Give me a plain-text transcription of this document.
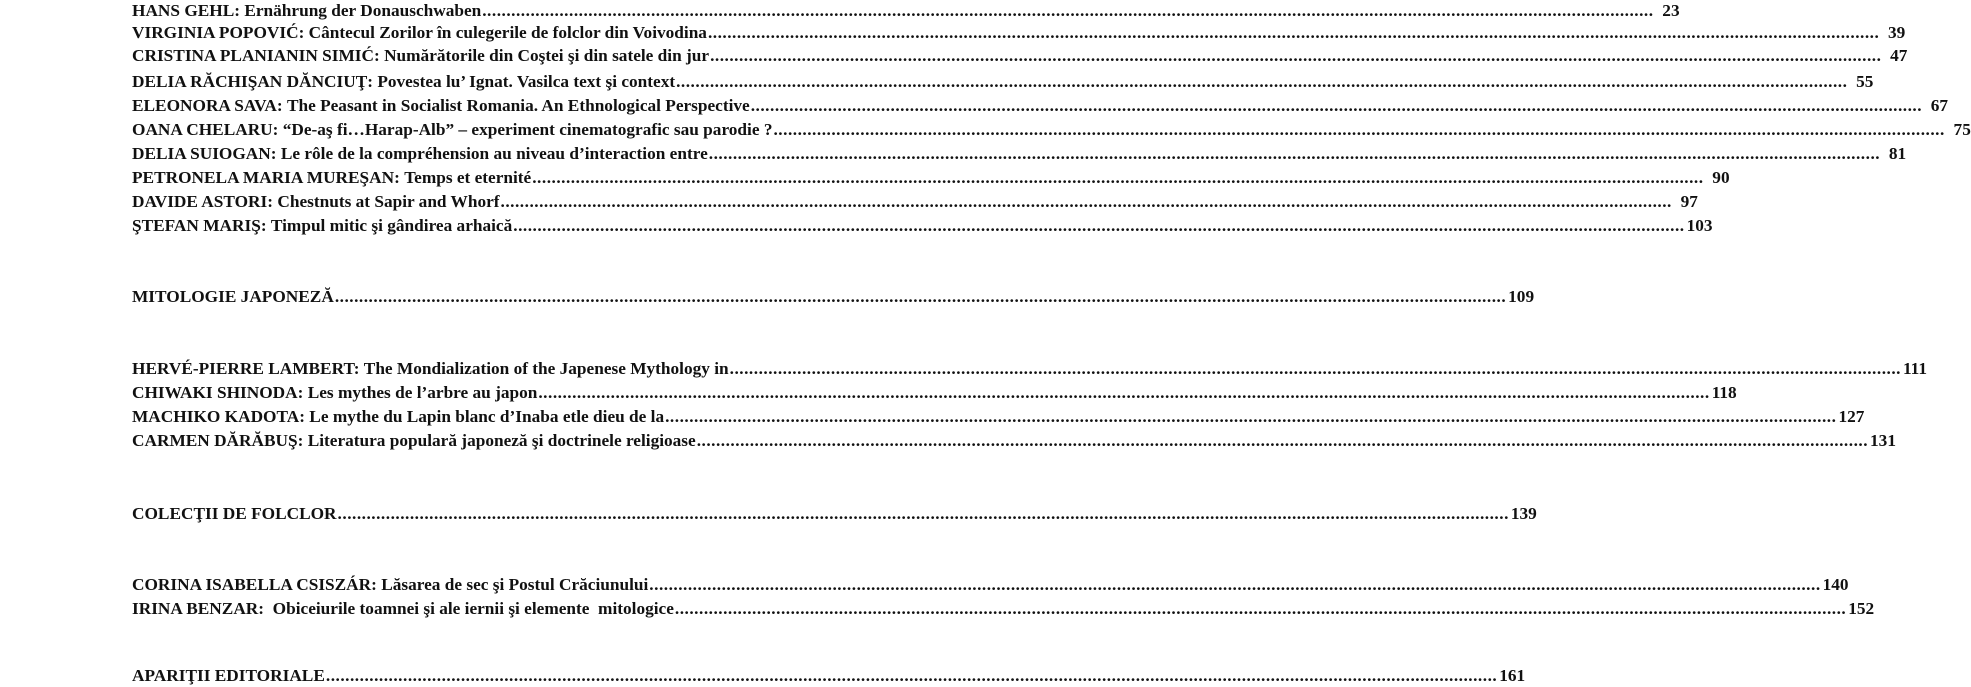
HANS GEHL:
Ernährung der Donauschwaben .....	23
VIRGINIA POPOVIĆ:
Cântecul Zorilor în culegerile de folclor din Voivodina .....	39
CRISTINA PLANIANIN SIMIĆ:
Numărătorile din Coştei şi din satele din jur .....	47
DELIA RĂCHIŞAN DĂNCIUŢ:
Povestea lu’ Ignat. Vasilca text şi context .....	55
ELEONORA SAVA:
The Peasant in Socialist Romania. An Ethnological Perspective .....	67
OANA CHELARU:
“De-aş fi…Harap-Alb” – experiment cinematografic sau parodie ? .....	75
DELIA SUIOGAN:
Le rôle de la compréhension au niveau d’interaction entre .....	81
PETRONELA MARIA MUREŞAN:
Temps et eternité .....	90
DAVIDE ASTORI:
Chestnuts at Sapir and Whorf .....	97
ŞTEFAN MARIŞ:
Timpul mitic şi gândirea arhaică .....	103
MITOLOGIE JAPONEZĂ .....	109
HERVÉ-PIERRE LAMBERT:
The Mondialization of the Japenese Mythology in .....	111
CHIWAKI SHINODA:
Les mythes de l’arbre au japon .....	118
MACHIKO KADOTA:
Le mythe du Lapin blanc d’Inaba etle dieu de la .....	127
CARMEN DĂRĂBUŞ:
Literatura populară japoneză şi doctrinele religioase .....	131
COLECŢII DE FOLCLOR .....	139
CORINA ISABELLA CSISZÁR:
Lăsarea de sec şi Postul Crăciunului .....	140
IRINA BENZAR: Obiceiurile toamnei şi ale iernii şi elemente  mitologice .....	152
APARIŢII EDITORIALE .....	161
